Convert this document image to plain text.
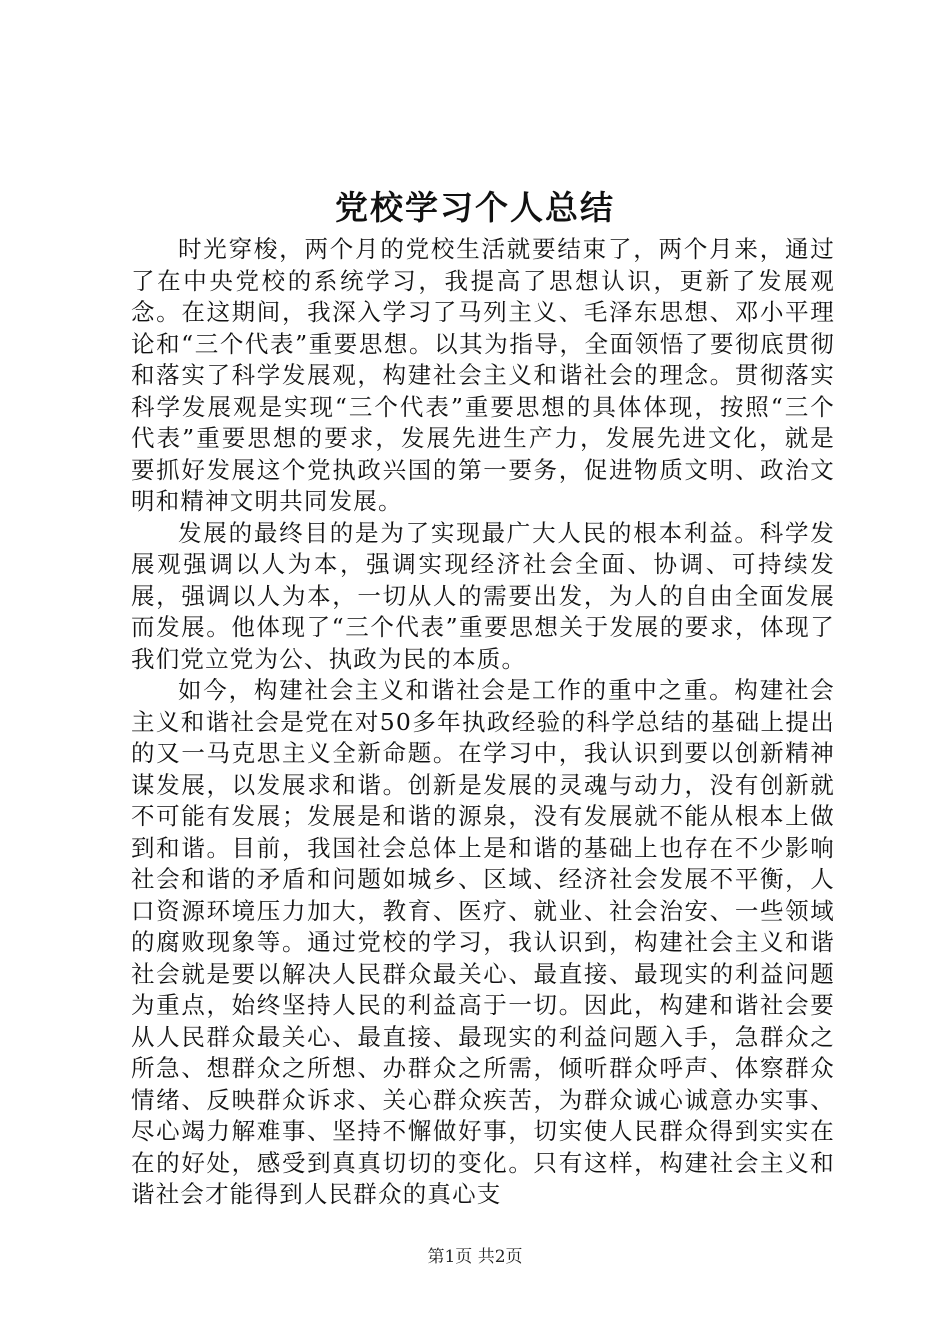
党校学习个人总结

时光穿梭，两个月的党校生活就要结束了，两个月来，通过了在中央党校的系统学习，我提高了思想认识，更新了发展观念。在这期间，我深入学习了马列主义、毛泽东思想、邓小平理论和“三个代表”重要思想。以其为指导，全面领悟了要彻底贯彻和落实了科学发展观，构建社会主义和谐社会的理念。贯彻落实科学发展观是实现“三个代表”重要思想的具体体现，按照“三个代表”重要思想的要求，发展先进生产力，发展先进文化，就是要抓好发展这个党执政兴国的第一要务，促进物质文明、政治文明和精神文明共同发展。

发展的最终目的是为了实现最广大人民的根本利益。科学发展观强调以人为本，强调实现经济社会全面、协调、可持续发展，强调以人为本，一切从人的需要出发，为人的自由全面发展而发展。他体现了“三个代表”重要思想关于发展的要求，体现了我们党立党为公、执政为民的本质。

如今，构建社会主义和谐社会是工作的重中之重。构建社会主义和谐社会是党在对50多年执政经验的科学总结的基础上提出的又一马克思主义全新命题。在学习中，我认识到要以创新精神谋发展，以发展求和谐。创新是发展的灵魂与动力，没有创新就不可能有发展；发展是和谐的源泉，没有发展就不能从根本上做到和谐。目前，我国社会总体上是和谐的基础上也存在不少影响社会和谐的矛盾和问题如城乡、区域、经济社会发展不平衡，人口资源环境压力加大，教育、医疗、就业、社会治安、一些领域的腐败现象等。通过党校的学习，我认识到，构建社会主义和谐社会就是要以解决人民群众最关心、最直接、最现实的利益问题为重点，始终坚持人民的利益高于一切。因此，构建和谐社会要从人民群众最关心、最直接、最现实的利益问题入手，急群众之所急、想群众之所想、办群众之所需，倾听群众呼声、体察群众情绪、反映群众诉求、关心群众疾苦，为群众诚心诚意办实事、尽心竭力解难事、坚持不懈做好事，切实使人民群众得到实实在在的好处，感受到真真切切的变化。只有这样，构建社会主义和谐社会才能得到人民群众的真心支

第1页 共2页
